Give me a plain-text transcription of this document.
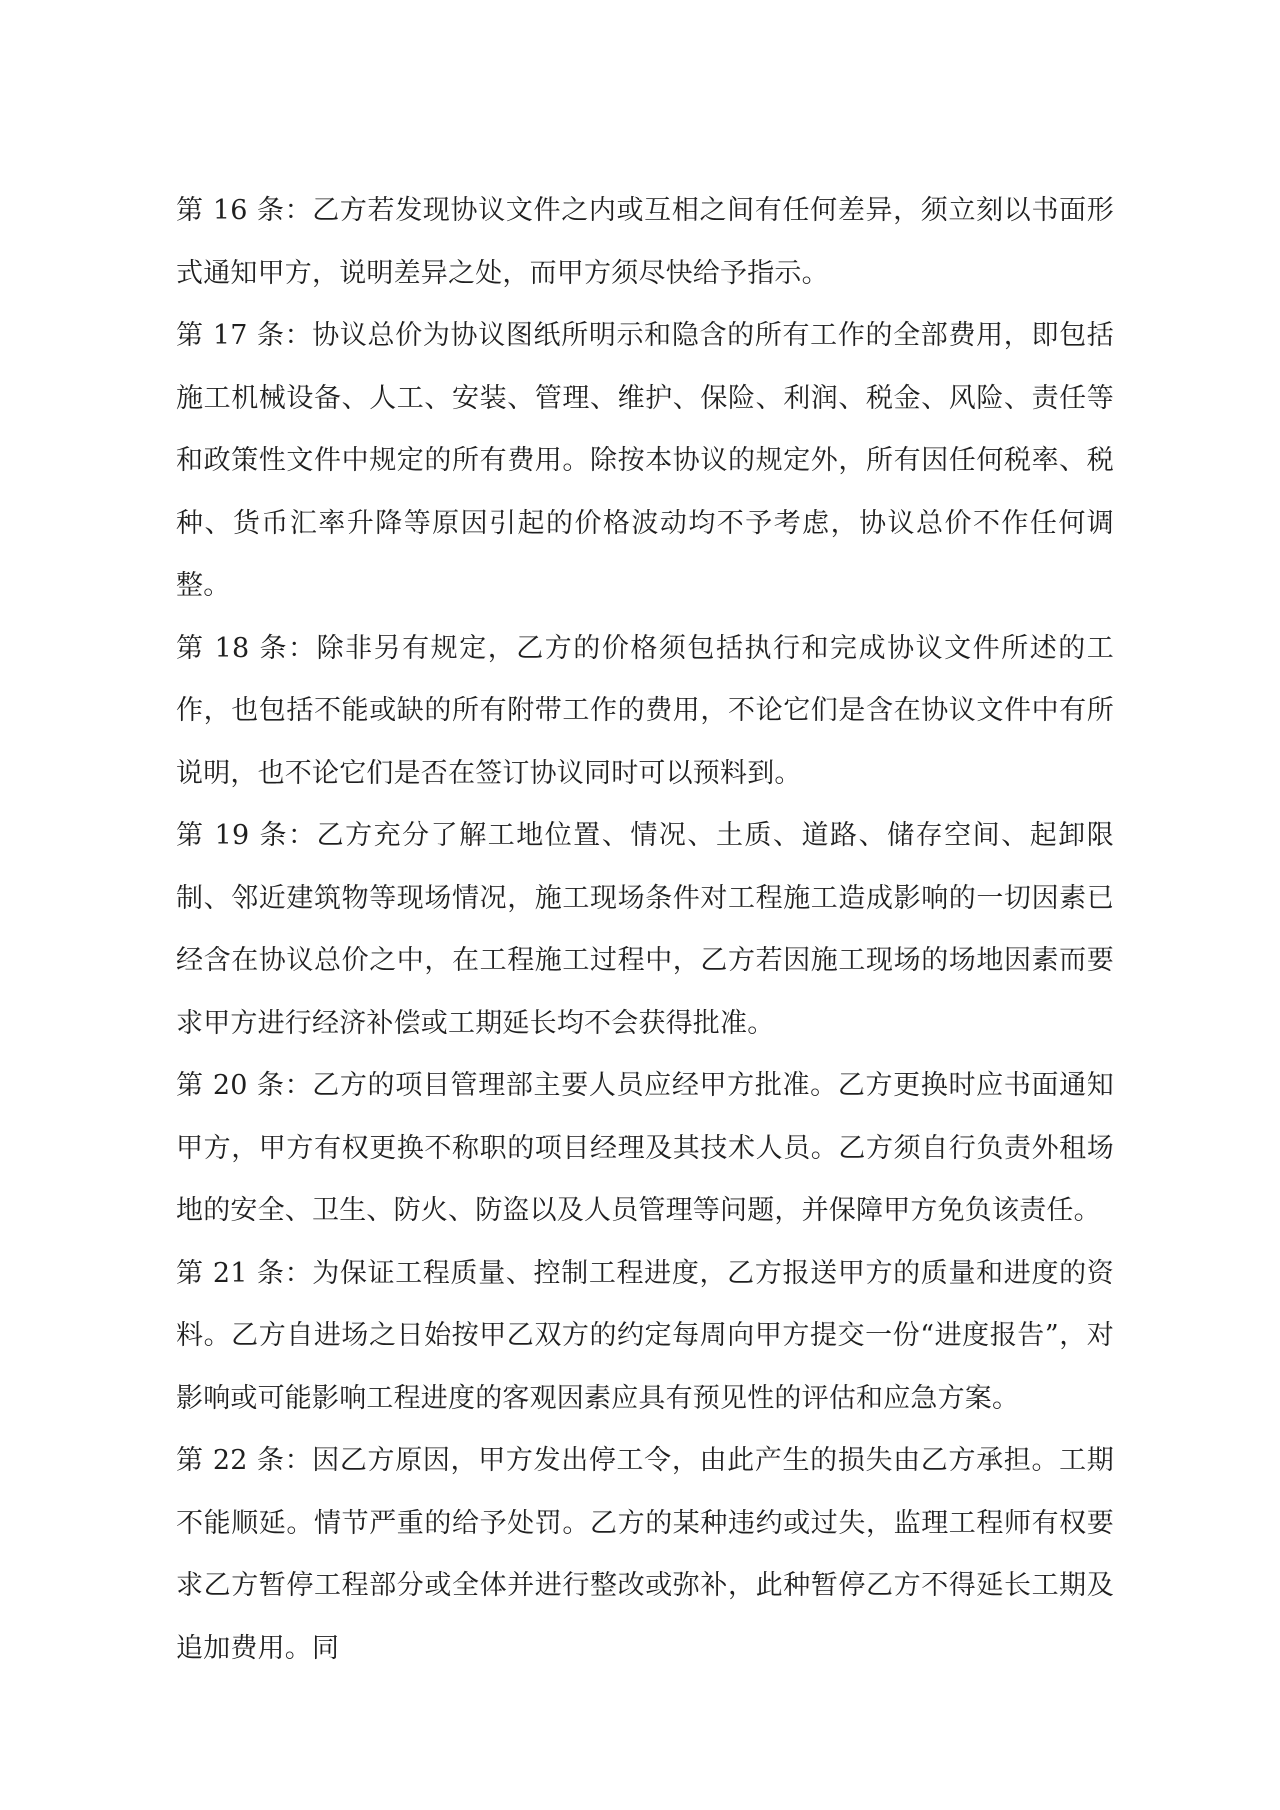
第 16 条：乙方若发现协议文件之内或互相之间有任何差异，须立刻以书面形式通知甲方，说明差异之处，而甲方须尽快给予指示。

第 17 条：协议总价为协议图纸所明示和隐含的所有工作的全部费用，即包括施工机械设备、人工、安装、管理、维护、保险、利润、税金、风险、责任等和政策性文件中规定的所有费用。除按本协议的规定外，所有因任何税率、税种、货币汇率升降等原因引起的价格波动均不予考虑，协议总价不作任何调整。

第 18 条：除非另有规定，乙方的价格须包括执行和完成协议文件所述的工作，也包括不能或缺的所有附带工作的费用，不论它们是含在协议文件中有所说明，也不论它们是否在签订协议同时可以预料到。

第 19 条：乙方充分了解工地位置、情况、土质、道路、储存空间、起卸限制、邻近建筑物等现场情况，施工现场条件对工程施工造成影响的一切因素已经含在协议总价之中，在工程施工过程中，乙方若因施工现场的场地因素而要求甲方进行经济补偿或工期延长均不会获得批准。

第 20 条：乙方的项目管理部主要人员应经甲方批准。乙方更换时应书面通知甲方，甲方有权更换不称职的项目经理及其技术人员。乙方须自行负责外租场地的安全、卫生、防火、防盗以及人员管理等问题，并保障甲方免负该责任。

第 21 条：为保证工程质量、控制工程进度，乙方报送甲方的质量和进度的资料。乙方自进场之日始按甲乙双方的约定每周向甲方提交一份“进度报告”，对影响或可能影响工程进度的客观因素应具有预见性的评估和应急方案。

第 22 条：因乙方原因，甲方发出停工令，由此产生的损失由乙方承担。工期不能顺延。情节严重的给予处罚。乙方的某种违约或过失，监理工程师有权要求乙方暂停工程部分或全体并进行整改或弥补，此种暂停乙方不得延长工期及追加费用。同
